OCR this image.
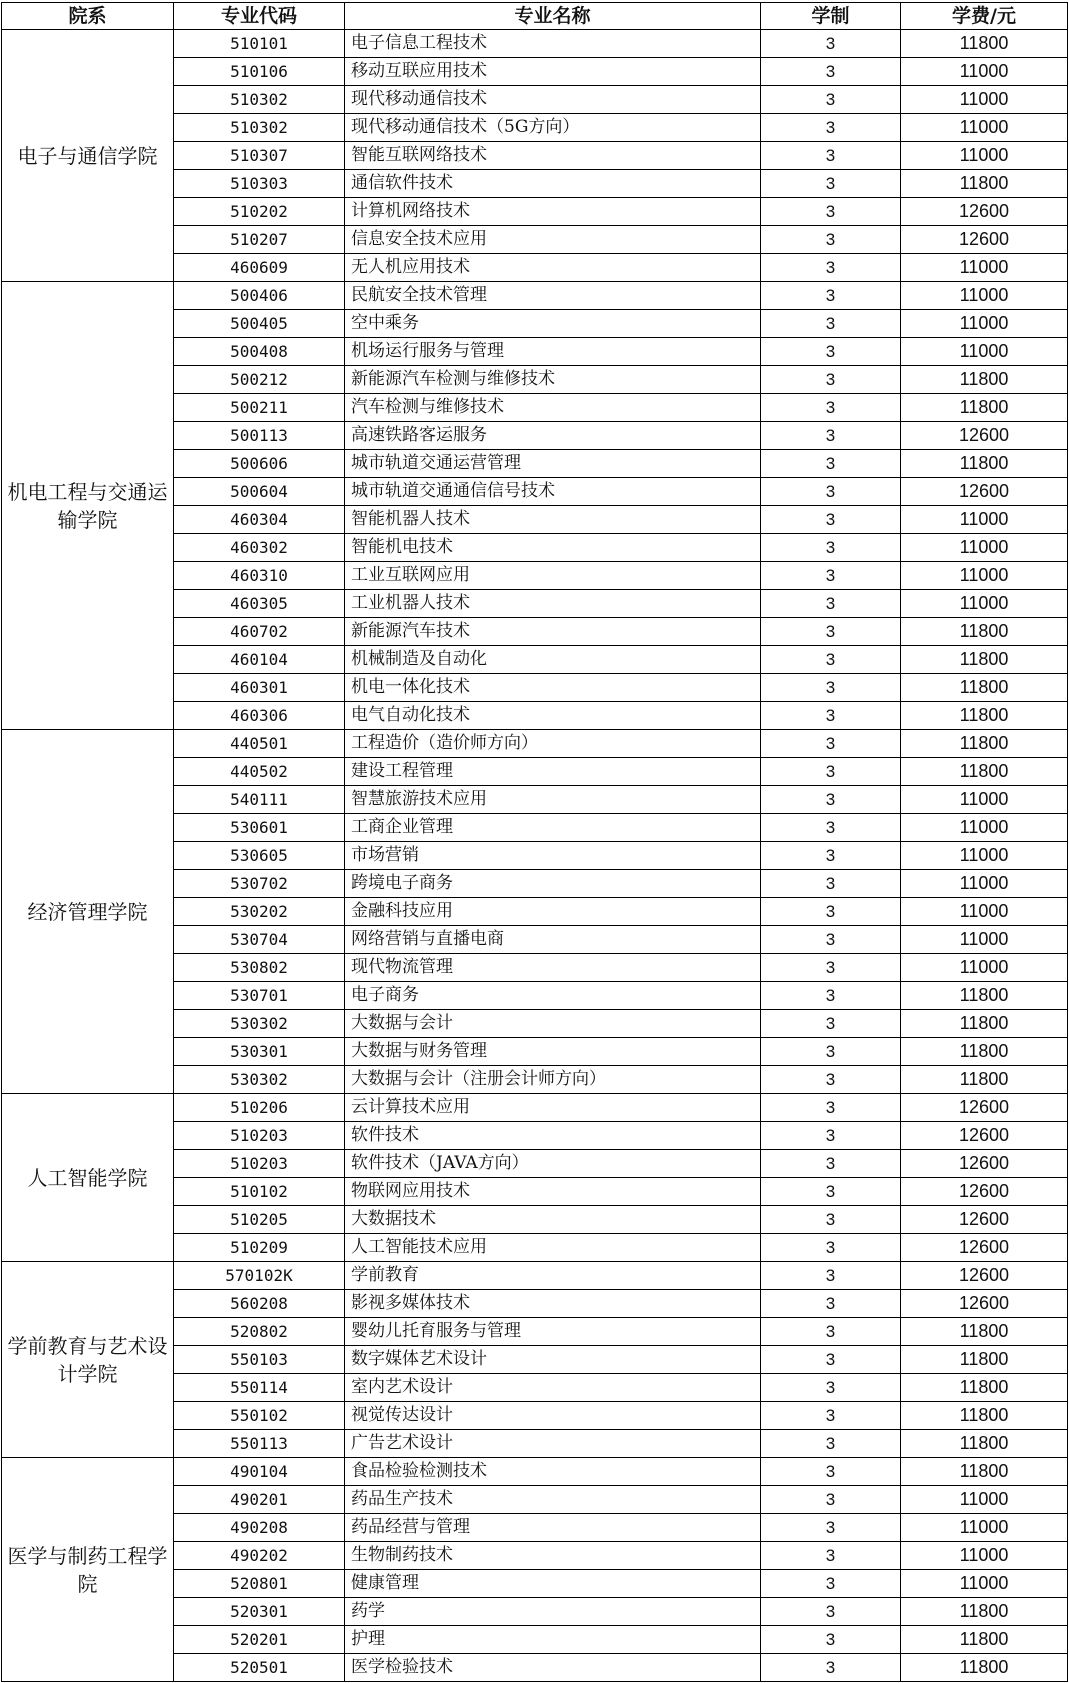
院系	专业代码	专业名称	学制	学费/元
电子与通信学院	510101	电子信息工程技术	3	11800
	510106	移动互联应用技术	3	11000
	510302	现代移动通信技术	3	11000
	510302	现代移动通信技术（5G方向）	3	11000
	510307	智能互联网络技术	3	11000
	510303	通信软件技术	3	11800
	510202	计算机网络技术	3	12600
	510207	信息安全技术应用	3	12600
	460609	无人机应用技术	3	11000
机电工程与交通运输学院	500406	民航安全技术管理	3	11000
	500405	空中乘务	3	11000
	500408	机场运行服务与管理	3	11000
	500212	新能源汽车检测与维修技术	3	11800
	500211	汽车检测与维修技术	3	11800
	500113	高速铁路客运服务	3	12600
	500606	城市轨道交通运营管理	3	11800
	500604	城市轨道交通通信信号技术	3	12600
	460304	智能机器人技术	3	11000
	460302	智能机电技术	3	11000
	460310	工业互联网应用	3	11000
	460305	工业机器人技术	3	11000
	460702	新能源汽车技术	3	11800
	460104	机械制造及自动化	3	11800
	460301	机电一体化技术	3	11800
	460306	电气自动化技术	3	11800
经济管理学院	440501	工程造价（造价师方向）	3	11800
	440502	建设工程管理	3	11800
	540111	智慧旅游技术应用	3	11000
	530601	工商企业管理	3	11000
	530605	市场营销	3	11000
	530702	跨境电子商务	3	11000
	530202	金融科技应用	3	11000
	530704	网络营销与直播电商	3	11000
	530802	现代物流管理	3	11000
	530701	电子商务	3	11800
	530302	大数据与会计	3	11800
	530301	大数据与财务管理	3	11800
	530302	大数据与会计（注册会计师方向）	3	11800
人工智能学院	510206	云计算技术应用	3	12600
	510203	软件技术	3	12600
	510203	软件技术（JAVA方向）	3	12600
	510102	物联网应用技术	3	12600
	510205	大数据技术	3	12600
	510209	人工智能技术应用	3	12600
学前教育与艺术设计学院	570102K	学前教育	3	12600
	560208	影视多媒体技术	3	12600
	520802	婴幼儿托育服务与管理	3	11800
	550103	数字媒体艺术设计	3	11800
	550114	室内艺术设计	3	11800
	550102	视觉传达设计	3	11800
	550113	广告艺术设计	3	11800
医学与制药工程学院	490104	食品检验检测技术	3	11800
	490201	药品生产技术	3	11000
	490208	药品经营与管理	3	11000
	490202	生物制药技术	3	11000
	520801	健康管理	3	11000
	520301	药学	3	11800
	520201	护理	3	11800
	520501	医学检验技术	3	11800
